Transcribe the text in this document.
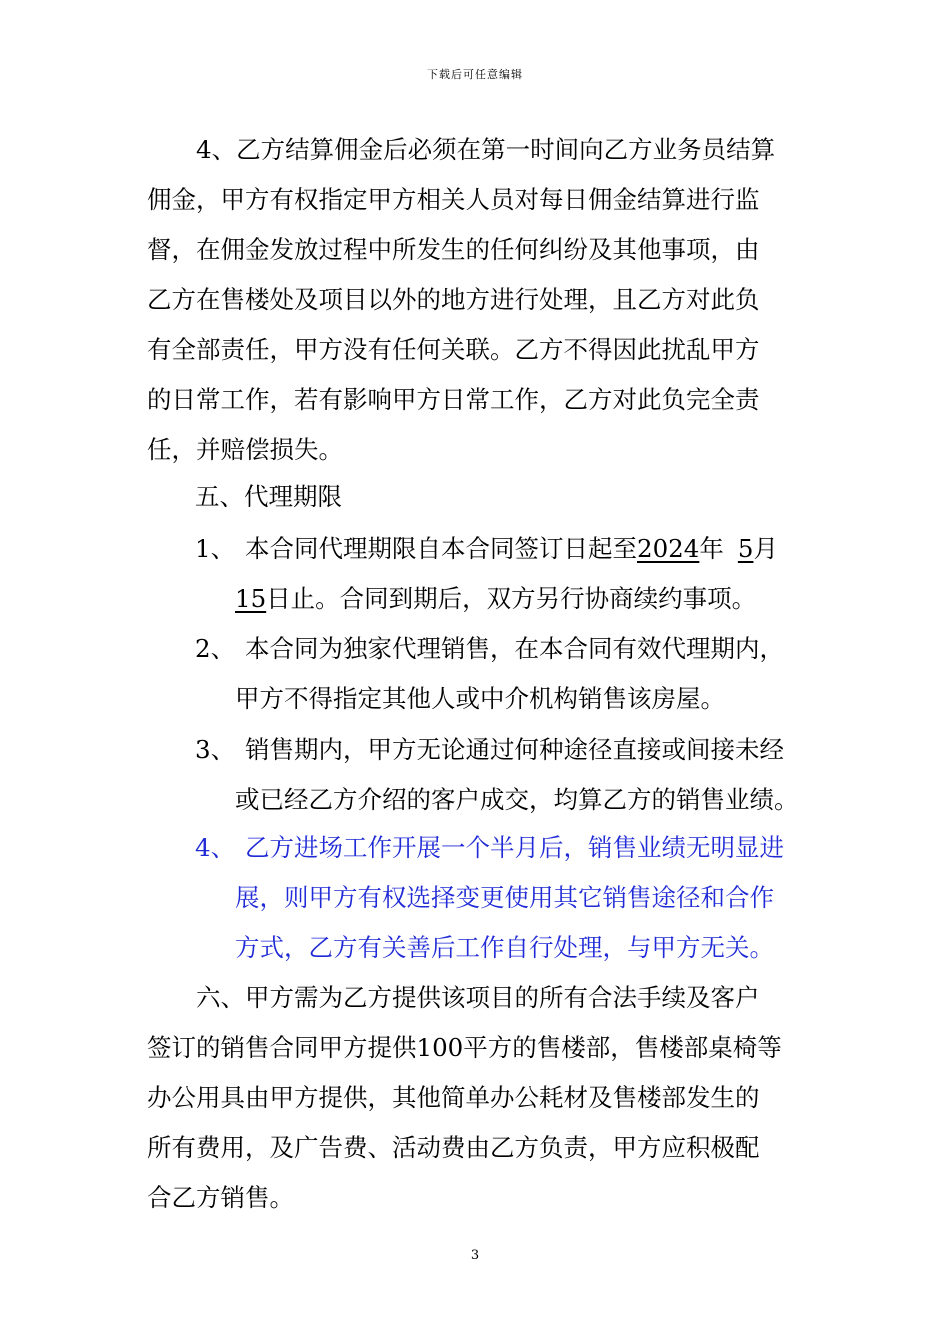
下载后可任意编辑
4、乙方结算佣金后必须在第一时间向乙方业务员结算
佣金，甲方有权指定甲方相关人员对每日佣金结算进行监
督，在佣金发放过程中所发生的任何纠纷及其他事项，由
乙方在售楼处及项目以外的地方进行处理，且乙方对此负
有全部责任，甲方没有任何关联。乙方不得因此扰乱甲方
的日常工作，若有影响甲方日常工作，乙方对此负完全责
任，并赔偿损失。
五、代理期限
1、 本合同代理期限自本合同签订日起至2024年 5月
15日止。合同到期后，双方另行协商续约事项。
2、 本合同为独家代理销售，在本合同有效代理期内，
甲方不得指定其他人或中介机构销售该房屋。
3、 销售期内，甲方无论通过何种途径直接或间接未经
或已经乙方介绍的客户成交，均算乙方的销售业绩。
4、 乙方进场工作开展一个半月后，销售业绩无明显进
展，则甲方有权选择变更使用其它销售途径和合作
方式，乙方有关善后工作自行处理，与甲方无关。
六、甲方需为乙方提供该项目的所有合法手续及客户
签订的销售合同甲方提供100平方的售楼部，售楼部桌椅等
办公用具由甲方提供，其他简单办公耗材及售楼部发生的
所有费用，及广告费、活动费由乙方负责，甲方应积极配
合乙方销售。
3
